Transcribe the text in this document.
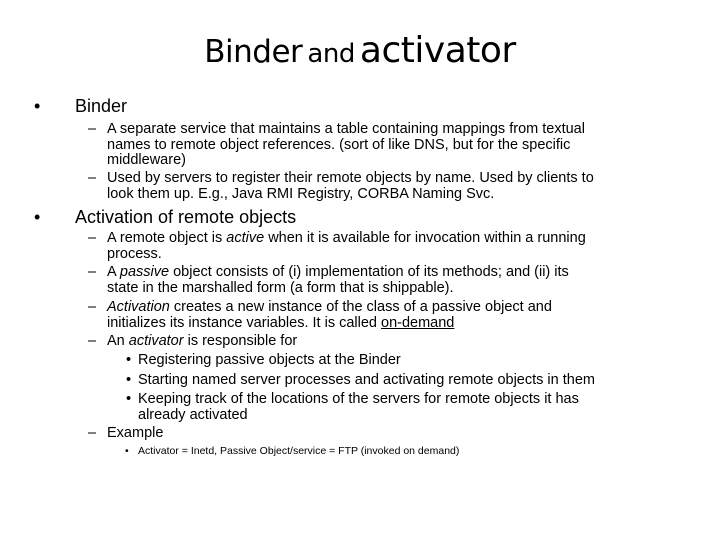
Binder and activator
• Binder
– A separate service that maintains a table containing mappings from textual
names to remote object references. (sort of like DNS, but for the specific
middleware)
– Used by servers to register their remote objects by name. Used by clients to
look them up. E.g., Java RMI Registry, CORBA Naming Svc.
• Activation of remote objects
– A remote object is active when it is available for invocation within a running
process.
– A passive object consists of (i) implementation of its methods; and (ii) its
state in the marshalled form (a form that is shippable).
– Activation creates a new instance of the class of a passive object and
initializes its instance variables. It is called on-demand
– An activator is responsible for
• Registering passive objects at the Binder
• Starting named server processes and activating remote objects in them
• Keeping track of the locations of the servers for remote objects it has
already activated
– Example
• Activator = Inetd, Passive Object/service = FTP (invoked on demand)
